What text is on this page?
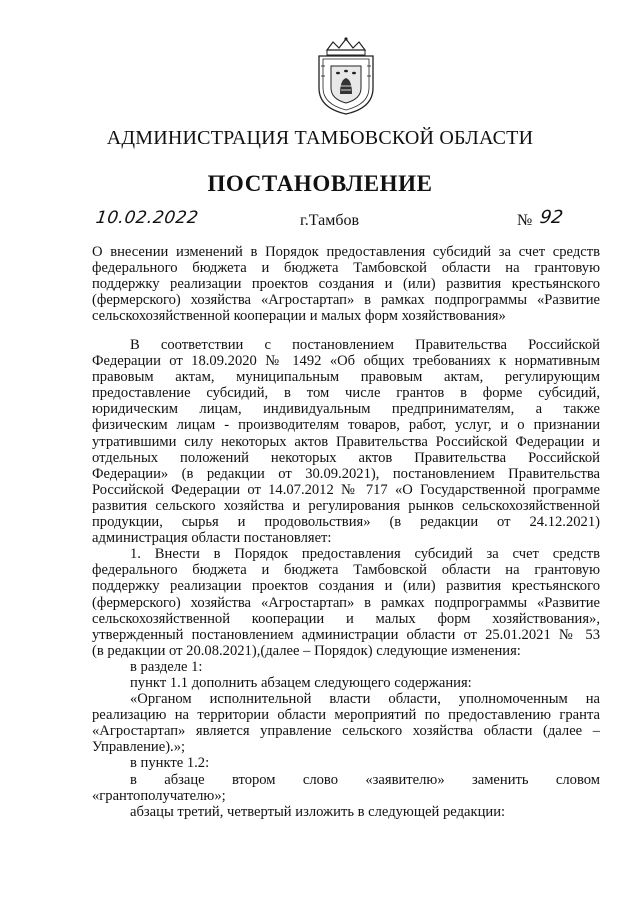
АДМИНИСТРАЦИЯ ТАМБОВСКОЙ ОБЛАСТИ
ПОСТАНОВЛЕНИЕ
10.02.2022	г.Тамбов	№ 92
О внесении изменений в Порядок предоставления субсидий за счет средств
федерального бюджета и бюджета Тамбовской области на грантовую
поддержку реализации проектов создания и (или) развития крестьянского
(фермерского) хозяйства «Агростартап» в рамках подпрограммы «Развитие
сельскохозяйственной кооперации и малых форм хозяйствования»
В соответствии с постановлением Правительства Российской
Федерации от 18.09.2020 № 1492 «Об общих требованиях к нормативным
правовым актам, муниципальным правовым актам, регулирующим
предоставление субсидий, в том числе грантов в форме субсидий,
юридическим лицам, индивидуальным предпринимателям, а также
физическим лицам - производителям товаров, работ, услуг, и о признании
утратившими силу некоторых актов Правительства Российской Федерации и
отдельных положений некоторых актов Правительства Российской
Федерации» (в редакции от 30.09.2021), постановлением Правительства
Российской Федерации от 14.07.2012 № 717 «О Государственной программе
развития сельского хозяйства и регулирования рынков сельскохозяйственной
продукции, сырья и продовольствия» (в редакции от 24.12.2021)
администрация области постановляет:
1. Внести в Порядок предоставления субсидий за счет средств
федерального бюджета и бюджета Тамбовской области на грантовую
поддержку реализации проектов создания и (или) развития крестьянского
(фермерского) хозяйства «Агростартап» в рамках подпрограммы «Развитие
сельскохозяйственной кооперации и малых форм хозяйствования»,
утвержденный постановлением администрации области от 25.01.2021 № 53
(в редакции от 20.08.2021),(далее – Порядок) следующие изменения:
в разделе 1:
пункт 1.1 дополнить абзацем следующего содержания:
«Органом исполнительной власти области, уполномоченным на
реализацию на территории области мероприятий по предоставлению гранта
«Агростартап» является управление сельского хозяйства области (далее –
Управление).»;
в пункте 1.2:
в абзаце втором слово «заявителю» заменить словом
«грантополучателю»;
абзацы третий, четвертый изложить в следующей редакции:
